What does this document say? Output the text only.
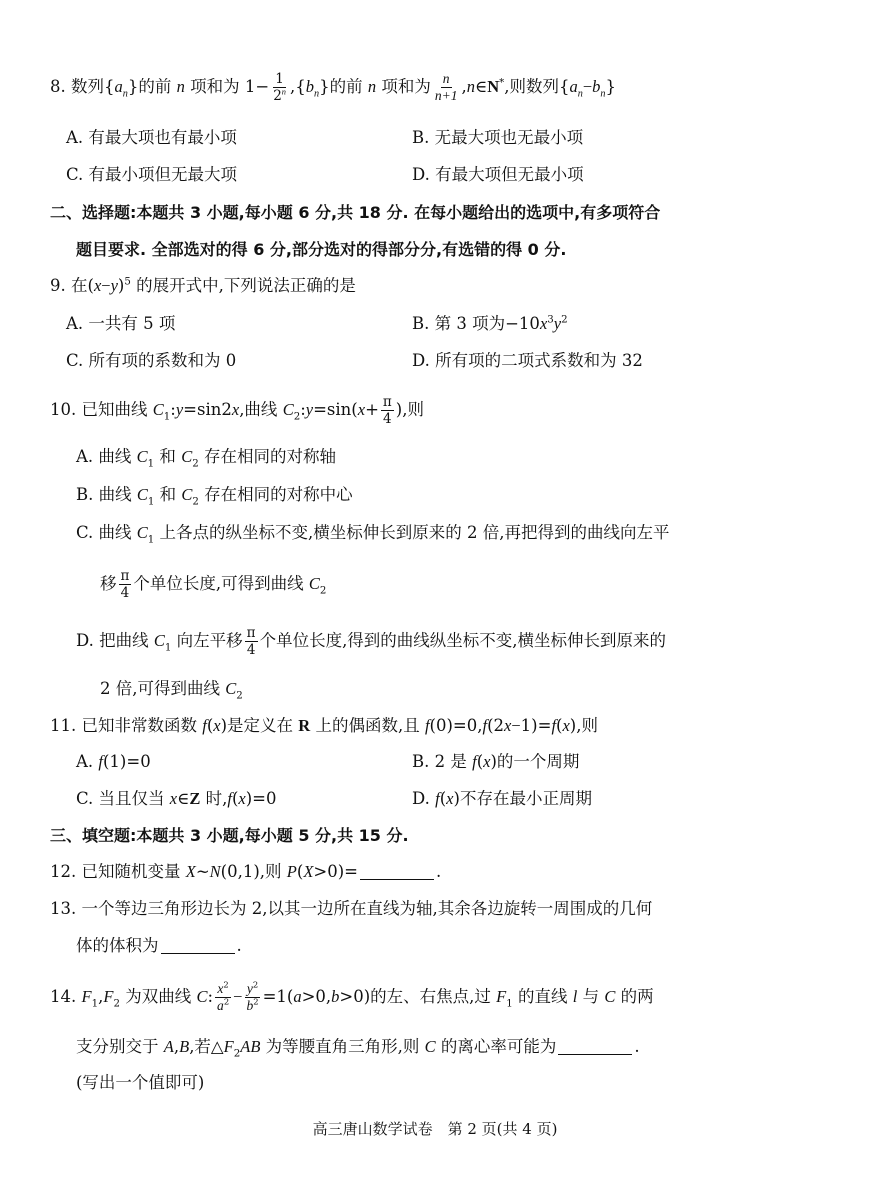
8. 数列$\{a_n\}$的前 n 项和为 $1- \frac{1}{2^n} ,\{b_n\}$的前 n 项和为 $\frac{n}{n+1}$ ,n∈N*,则数列$\{a_n-b_n\}$
A. 有最大项也有最小项	B. 无最大项也无最小项
C. 有最小项但无最大项	D. 有最大项但无最小项
二、选择题:本题共 3 小题,每小题 6 分,共 18 分. 在每小题给出的选项中,有多项符合
题目要求. 全部选对的得 6 分,部分选对的得部分分,有选错的得 0 分.
9. 在$(x-y)^5$ 的展开式中,下列说法正确的是
A. 一共有 5 项	B. 第 3 项为$-10x^3y^2$
C. 所有项的系数和为 0	D. 所有项的二项式系数和为 32
10. 已知曲线 $C_1:y=\sin 2x$,曲线 $C_2:y=\sin(x+ \frac{\pi}{4}$ ),则
A. 曲线 $C_1$ 和 $C_2$ 存在相同的对称轴
B. 曲线 $C_1$ 和 $C_2$ 存在相同的对称中心
C. 曲线 $C_1$ 上各点的纵坐标不变,横坐标伸长到原来的 2 倍,再把得到的曲线向左平
移 $\frac{\pi}{4}$ 个单位长度,可得到曲线 $C_2$
D. 把曲线 $C_1$ 向左平移 $\frac{\pi}{4}$ 个单位长度,得到的曲线纵坐标不变,横坐标伸长到原来的
2 倍,可得到曲线 $C_2$
11. 已知非常数函数 f(x)是定义在 R 上的偶函数,且 f(0)=0,f(2x−1)=f(x),则
A. f(1)=0	B. 2 是 f(x)的一个周期
C. 当且仅当 x∈Z 时,f(x)=0	D. f(x)不存在最小正周期
三、填空题:本题共 3 小题,每小题 5 分,共 15 分.
12. 已知随机变量 X~N(0,1),则 P(X>0)=	.
13. 一个等边三角形边长为 2,以其一边所在直线为轴,其余各边旋转一周围成的几何
体的体积为	.
14. $F_1,F_2$ 为双曲线 C: $\frac{x^2}{a^2} - \frac{y^2}{b^2} =1(a>0,b>0)$的左、右焦点,过 $F_1$ 的直线 l 与 C 的两
支分别交于 A,B,若$\triangle F_2AB$ 为等腰直角三角形,则 C 的离心率可能为	.
(写出一个值即可)
高三唐山数学试卷　第 2 页(共 4 页)
